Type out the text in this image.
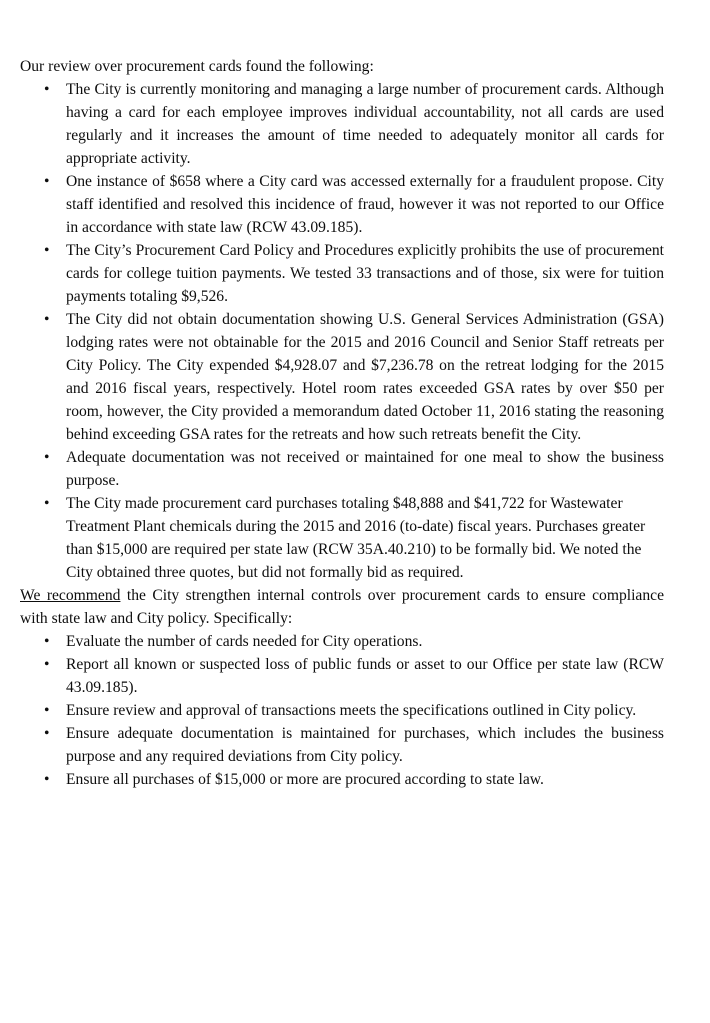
Our review over procurement cards found the following:

• The City is currently monitoring and managing a large number of procurement cards. Although having a card for each employee improves individual accountability, not all cards are used regularly and it increases the amount of time needed to adequately monitor all cards for appropriate activity.
• One instance of $658 where a City card was accessed externally for a fraudulent propose. City staff identified and resolved this incidence of fraud, however it was not reported to our Office in accordance with state law (RCW 43.09.185).
• The City’s Procurement Card Policy and Procedures explicitly prohibits the use of procurement cards for college tuition payments. We tested 33 transactions and of those, six were for tuition payments totaling $9,526.
• The City did not obtain documentation showing U.S. General Services Administration (GSA) lodging rates were not obtainable for the 2015 and 2016 Council and Senior Staff retreats per City Policy. The City expended $4,928.07 and $7,236.78 on the retreat lodging for the 2015 and 2016 fiscal years, respectively. Hotel room rates exceeded GSA rates by over $50 per room, however, the City provided a memorandum dated October 11, 2016 stating the reasoning behind exceeding GSA rates for the retreats and how such retreats benefit the City.
• Adequate documentation was not received or maintained for one meal to show the business purpose.
• The City made procurement card purchases totaling $48,888 and $41,722 for Wastewater Treatment Plant chemicals during the 2015 and 2016 (to-date) fiscal years. Purchases greater than $15,000 are required per state law (RCW 35A.40.210) to be formally bid. We noted the City obtained three quotes, but did not formally bid as required.

We recommend the City strengthen internal controls over procurement cards to ensure compliance with state law and City policy. Specifically:

• Evaluate the number of cards needed for City operations.
• Report all known or suspected loss of public funds or asset to our Office per state law (RCW 43.09.185).
• Ensure review and approval of transactions meets the specifications outlined in City policy.
• Ensure adequate documentation is maintained for purchases, which includes the business purpose and any required deviations from City policy.
• Ensure all purchases of $15,000 or more are procured according to state law.
